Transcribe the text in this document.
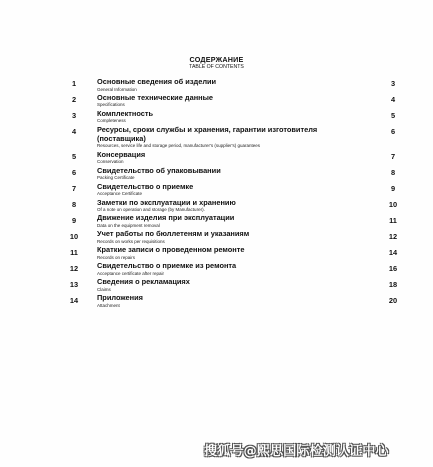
СОДЕРЖАНИЕ
TABLE OF CONTENTS
1	Основные сведения об изделии
General Information
3
2	Основные технические данные
Specifications
4
3	Комплектность
Completeness
5
4	Ресурсы, сроки службы и хранения, гарантии изготовителя (поставщика)
Resources, service life and storage period, manufacturer's (supplier's) guarantees
6
5	Консервация
Conservation
7
6	Свидетельство об упаковывании
Packing Certificate
8
7	Свидетельство о приемке
Acceptance Certificate
9
8	Заметки по эксплуатации и хранению
Of a note on operation and storage (by Manufacturer).
10
9	Движение изделия при эксплуатации
Data on the equipment removal
11
10	Учет работы по бюллетеням и указаниям
Records on works per requisitions
12
11	Краткие записи о проведенном ремонте
Records on repairs
14
12	Свидетельство о приемке из ремонта
Acceptance certificate after repair
16
13	Сведения о рекламациях
Claims
18
14	Приложения
Attachment
20
搜狐号@熙思国际检测认证中心
